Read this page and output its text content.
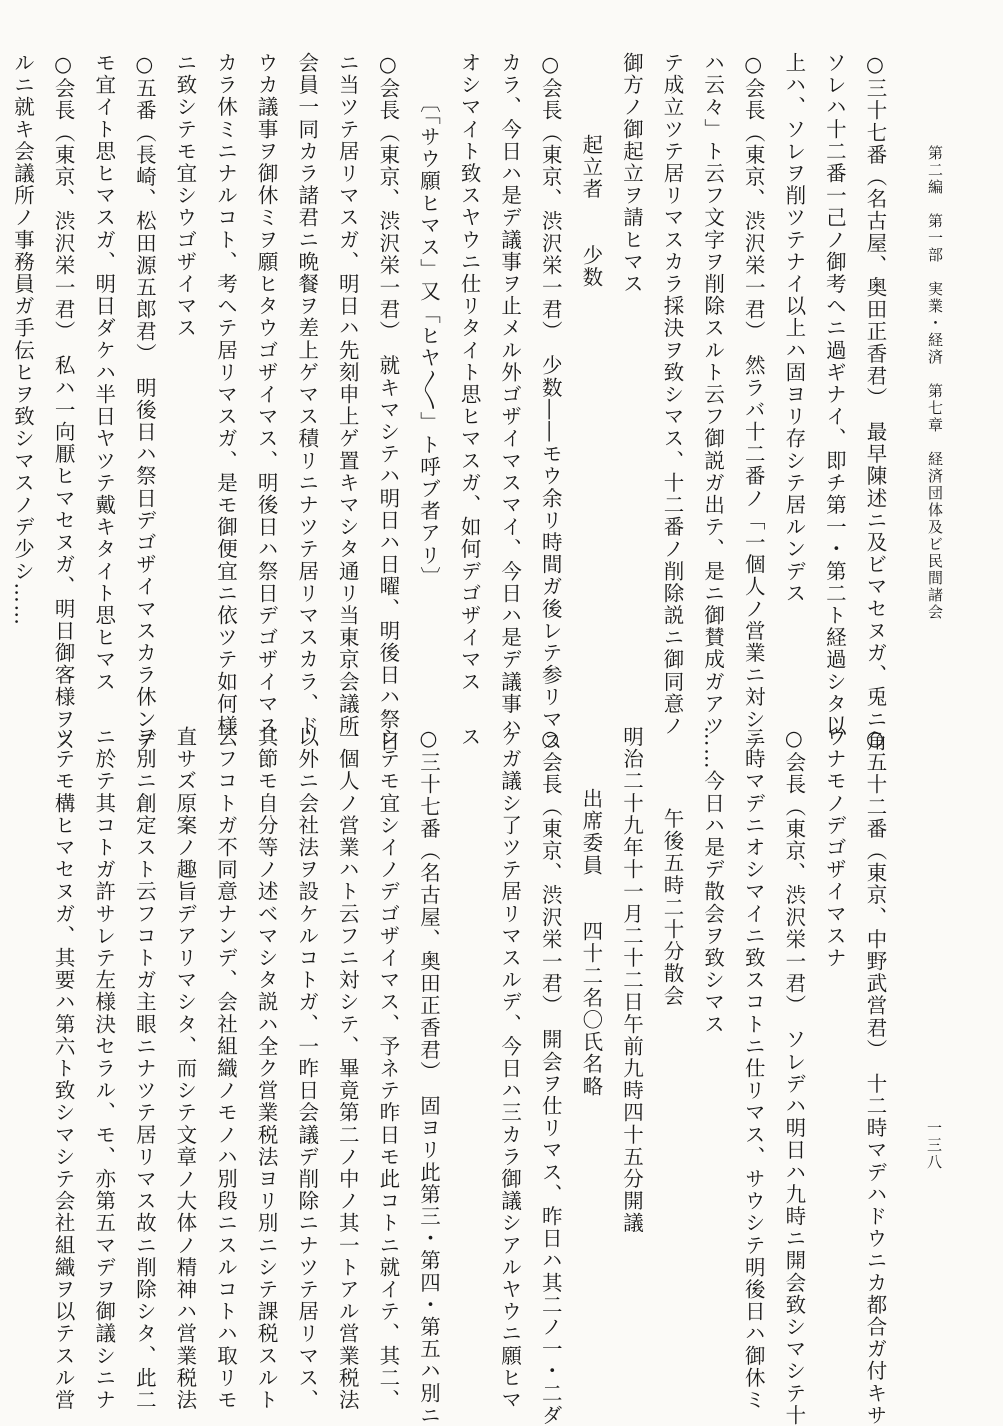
第二編　第一部　実業・経済　第七章　経済団体及ビ民間諸会
一三八
○三十七番（名古屋、奥田正香君）　最早陳述ニ及ビマセヌガ、兎ニ角
ソレハ十二番一己ノ御考ヘニ過ギナイ、即チ第一・第二ト経過シタ以
上ハ、ソレヲ削ツテナイ以上ハ固ヨリ存シテ居ルンデス
○会長（東京、渋沢栄一君）　然ラバ十二番ノ「一個人ノ営業ニ対シテ
ハ云々」ト云フ文字ヲ削除スルト云フ御説ガ出テ、是ニ御賛成ガアツ
テ成立ツテ居リマスカラ採決ヲ致シマス、十二番ノ削除説ニ御同意ノ
御方ノ御起立ヲ請ヒマス
起立者　　少数
○会長（東京、渋沢栄一君）　少数――モウ余リ時間ガ後レテ参リマス
カラ、今日ハ是デ議事ヲ止メル外ゴザイマスマイ、今日ハ是デ議事ハ
オシマイト致スヤウニ仕リタイト思ヒマスガ、如何デゴザイマス
〔「サウ願ヒマス」又「ヒヤ〳〵」ト呼ブ者アリ〕
○会長（東京、渋沢栄一君）　就キマシテハ明日ハ日曜、明後日ハ祭日
ニ当ツテ居リマスガ、明日ハ先刻申上ゲ置キマシタ通リ当東京会議所
会員一同カラ諸君ニ晩餐ヲ差上ゲマス積リニナツテ居リマスカラ、ド
ウカ議事ヲ御休ミヲ願ヒタウゴザイマス、明後日ハ祭日デゴザイマス
カラ休ミニナルコト、考ヘテ居リマスガ、是モ御便宜ニ依ツテ如何様
ニ致シテモ宜シウゴザイマス
○五番（長崎、松田源五郎君）　明後日ハ祭日デゴザイマスカラ休ンデ
モ宜イト思ヒマスガ、明日ダケハ半日ヤツテ戴キタイト思ヒマス
○会長（東京、渋沢栄一君）　私ハ一向厭ヒマセヌガ、明日御客様ヲス
ルニ就キ会議所ノ事務員ガ手伝ヒヲ致シマスノデ少シ……
○五十二番（東京、中野武営君）　十二時マデハドウニカ都合ガ付キサ
ウナモノデゴザイマスナ
○会長（東京、渋沢栄一君）　ソレデハ明日ハ九時ニ開会致シマシテ十
二時マデニオシマイニ致スコトニ仕リマス、サウシテ明後日ハ御休ミ
……今日ハ是デ散会ヲ致シマス
午後五時二十分散会
明治二十九年十一月二十二日午前九時四十五分開議
出席委員　　四十二名〇氏名略
○会長（東京、渋沢栄一君）　開会ヲ仕リマス、昨日ハ其二ノ一・二ダ
ケガ議シ了ツテ居リマスルデ、今日ハ三カラ御議シアルヤウニ願ヒマ
ス
○三十七番（名古屋、奥田正香君）　固ヨリ此第三・第四・第五ハ別ニ
シテモ宜シイノデゴザイマス、予ネテ昨日モ此コトニ就イテ、其二、
一個人ノ営業ハト云フニ対シテ、畢竟第二ノ中ノ其一トアル営業税法
以外ニ会社法ヲ設ケルコトガ、一昨日会議デ削除ニナツテ居リマス、
其節モ自分等ノ述ベマシタ説ハ全ク営業税法ヨリ別ニシテ課税スルト
云フコトガ不同意ナンデ、会社組織ノモノハ別段ニスルコトハ取リモ
直サズ原案ノ趣旨デアリマシタ、而シテ文章ノ大体ノ精神ハ営業税法
ヲ別ニ創定スト云フコトガ主眼ニナツテ居リマス故ニ削除シタ、此二
ニ於テ其コトガ許サレテ左様決セラル、モ、亦第五マデヲ御議シニナ
ツテモ構ヒマセヌガ、其要ハ第六ト致シマシテ会社組織ヲ以テスル営
